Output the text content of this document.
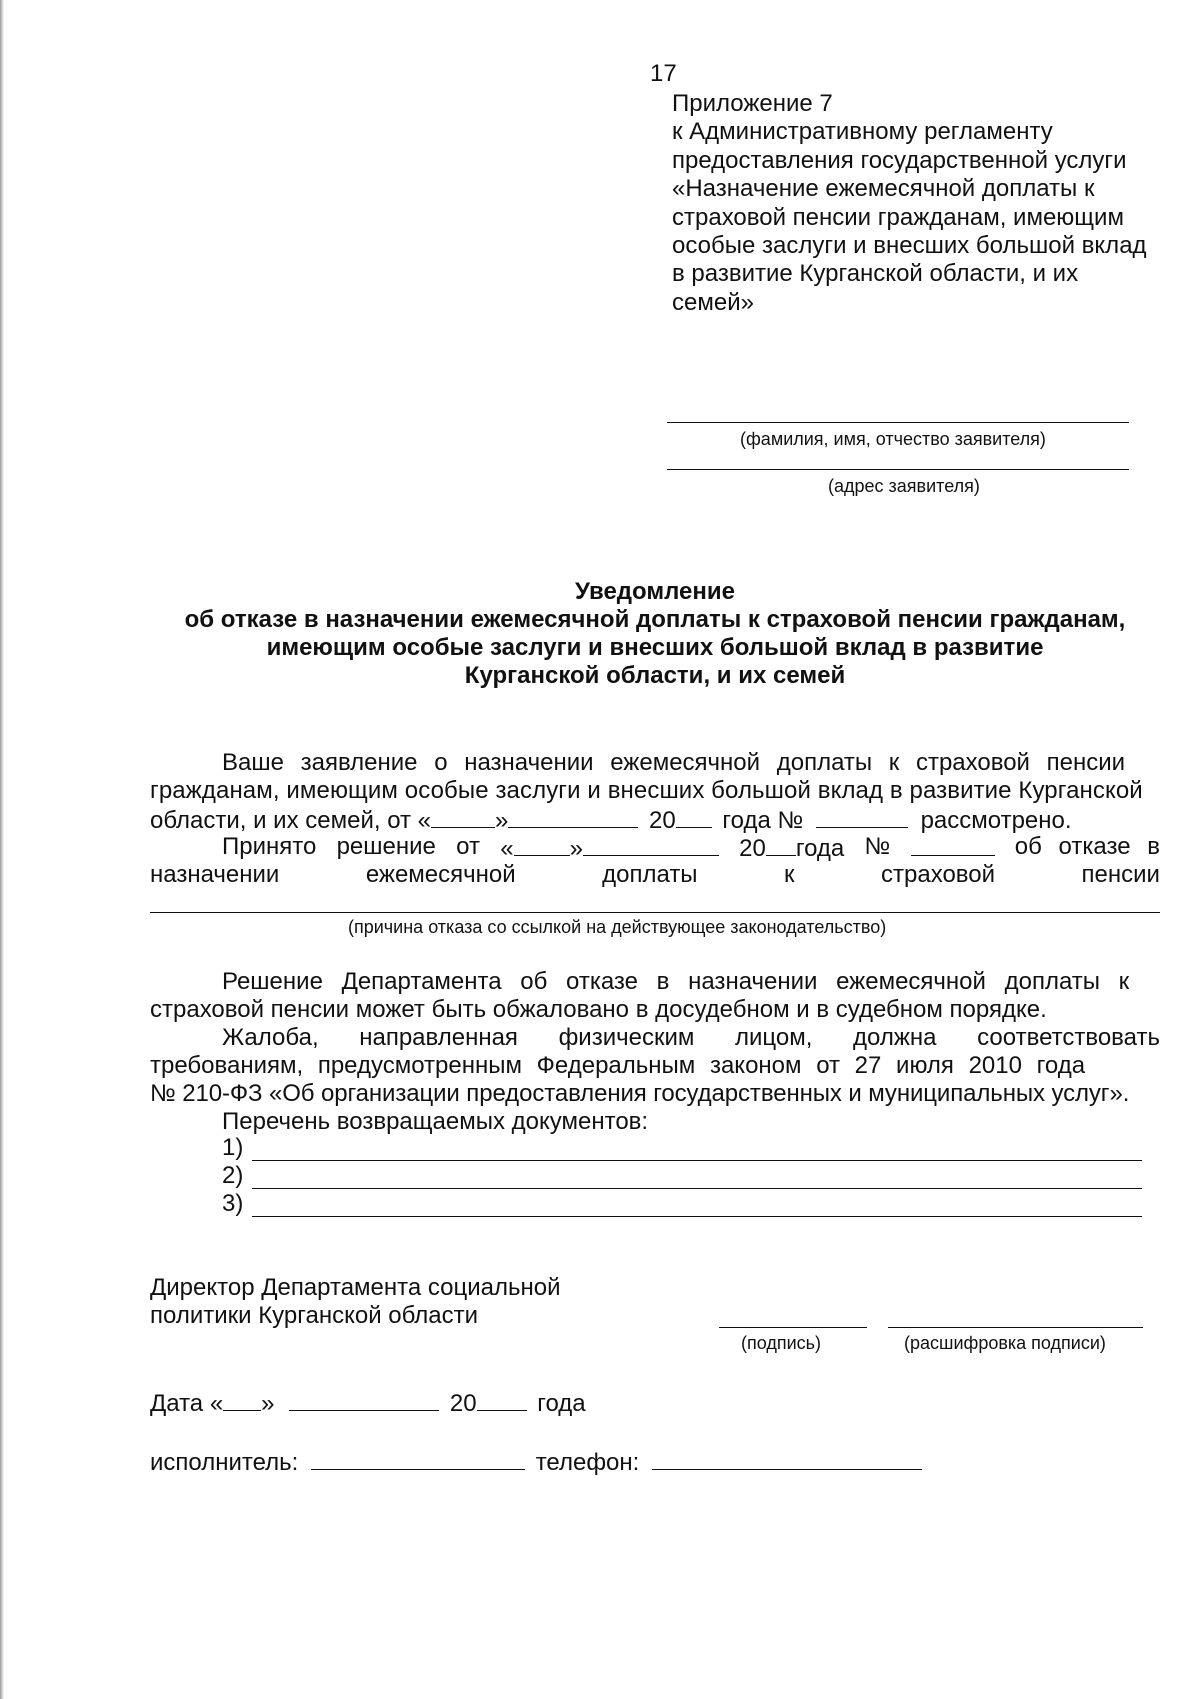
17
Приложение 7
к Административному регламенту
предоставления государственной услуги
«Назначение ежемесячной доплаты к
страховой пенсии гражданам, имеющим
особые заслуги и внесших большой вклад
в развитие Курганской области, и их
семей»
(фамилия, имя, отчество заявителя)
(адрес заявителя)
Уведомление
об отказе в назначении ежемесячной доплаты к страховой пенсии гражданам,
имеющим особые заслуги и внесших большой вклад в развитие
Курганской области, и их семей
Ваше заявление о назначении ежемесячной доплаты к страховой пенсии
гражданам, имеющим особые заслуги и внесших большой вклад в развитие Курганской
области, и их семей, от «	»	20 года №	рассмотрено.
Принято решение от « »	20 года №	об отказе в
назначении	ежемесячной	доплаты	к	страховой	пенсии
(причина отказа со ссылкой на действующее законодательство)
Решение Департамента об отказе в назначении ежемесячной доплаты к
страховой пенсии может быть обжаловано в досудебном и в судебном порядке.
Жалоба, направленная физическим лицом, должна соответствовать
требованиям, предусмотренным Федеральным законом от 27 июля 2010 года
№ 210-ФЗ «Об организации предоставления государственных и муниципальных услуг».
Перечень возвращаемых документов:
1)
2)
3)
Директор Департамента социальной
политики Курганской области
(подпись)	(расшифровка подписи)
Дата « »	20	года
исполнитель:	телефон:
